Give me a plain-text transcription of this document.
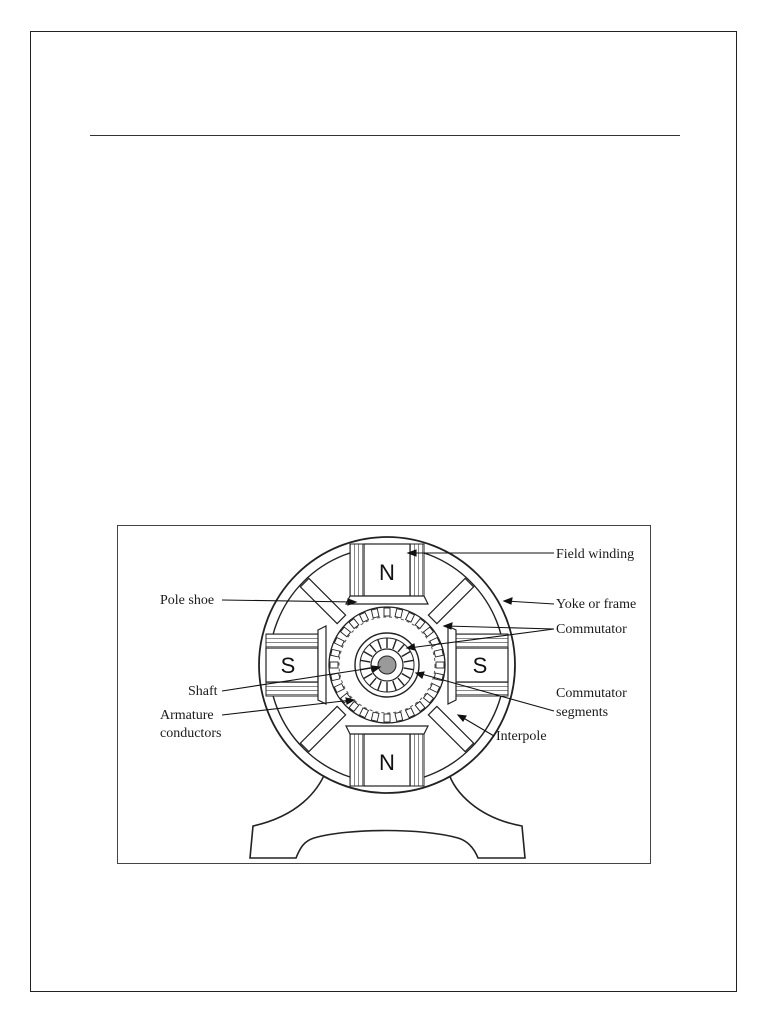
N
N
S	S
Field winding
Yoke or frame
Commutator
Pole shoe
Shaft
Armature
conductors
Commutator
segments
Interpole
